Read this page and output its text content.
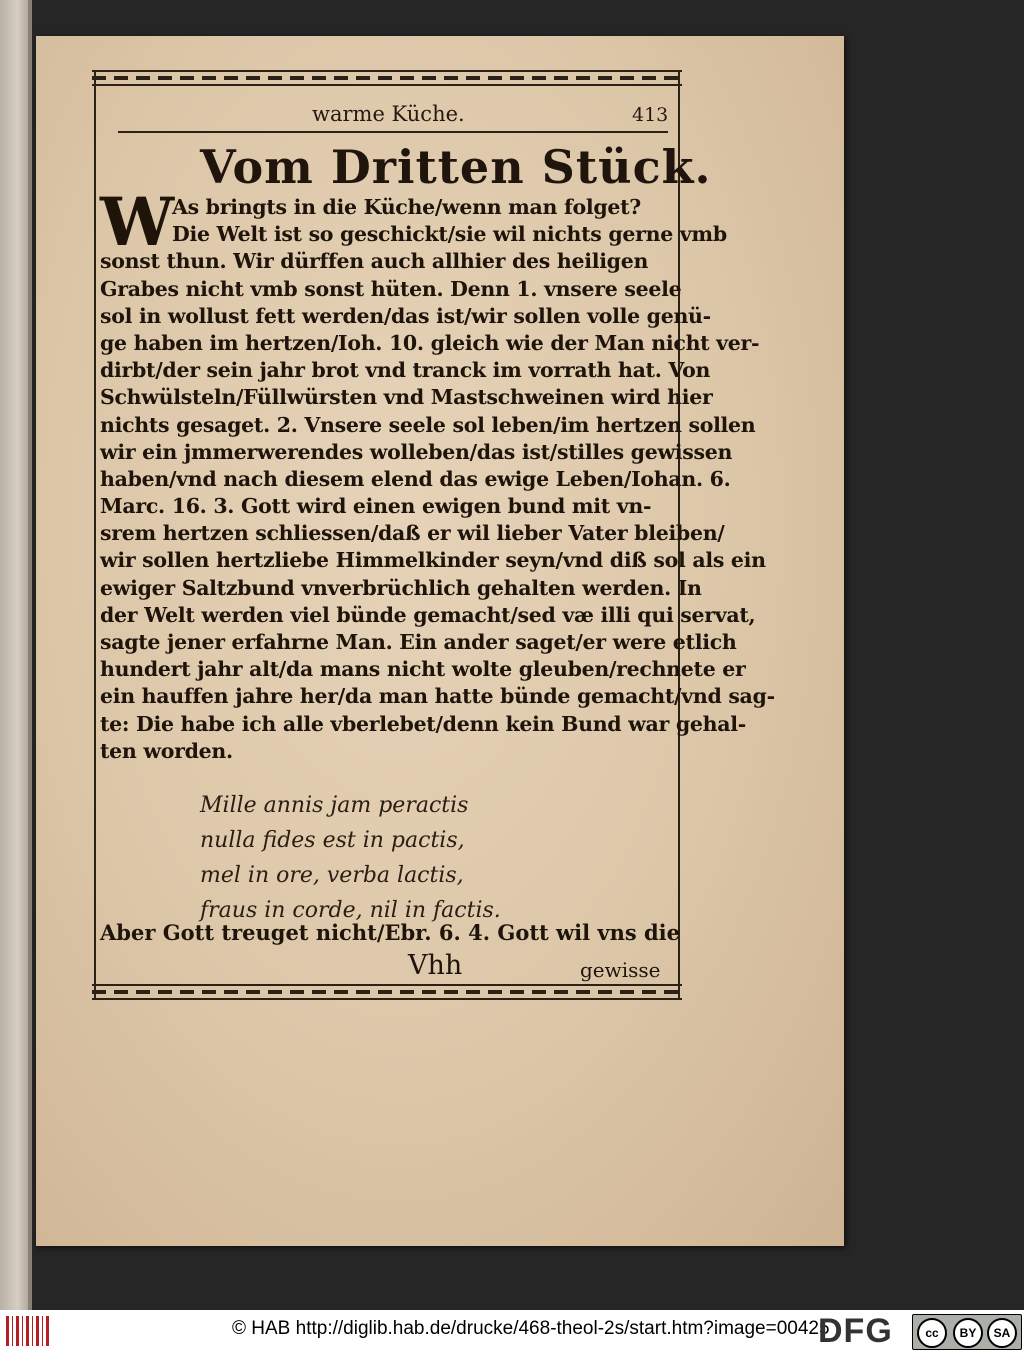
warme Küche.	413
Vom Dritten Stück.
W
As bringts in die Küche/wenn man folget?
Die Welt ist so geschickt/sie wil nichts gerne vmb
sonst thun. Wir dürffen auch allhier des heiligen
Grabes nicht vmb sonst hüten. Denn 1. vnsere seele
sol in wollust fett werden/das ist/wir sollen volle genü-
ge haben im hertzen/Ioh. 10. gleich wie der Man nicht ver-
dirbt/der sein jahr brot vnd tranck im vorrath hat. Von
Schwülsteln/Füllwürsten vnd Mastschweinen wird hier
nichts gesaget. 2. Vnsere seele sol leben/im hertzen sollen
wir ein jmmerwerendes wolleben/das ist/stilles gewissen
haben/vnd nach diesem elend das ewige Leben/Iohan. 6.
Marc. 16. 3. Gott wird einen ewigen bund mit vn-
srem hertzen schliessen/daß er wil lieber Vater bleiben/
wir sollen hertzliebe Himmelkinder seyn/vnd diß sol als ein
ewiger Saltzbund vnverbrüchlich gehalten werden. In
der Welt werden viel bünde gemacht/sed væ illi qui servat,
sagte jener erfahrne Man. Ein ander saget/er were etlich
hundert jahr alt/da mans nicht wolte gleuben/rechnete er
ein hauffen jahre her/da man hatte bünde gemacht/vnd sag-
te: Die habe ich alle vberlebet/denn kein Bund war gehal-
ten worden.
Mille annis jam peractis
nulla fides est in pactis,
mel in ore, verba lactis,
fraus in corde, nil in factis.
Aber Gott treuget nicht/Ebr. 6. 4. Gott wil vns die
Vhh	gewisse
© HAB http://diglib.hab.de/drucke/468-theol-2s/start.htm?image=00425
DFG	cc	BY	SA
